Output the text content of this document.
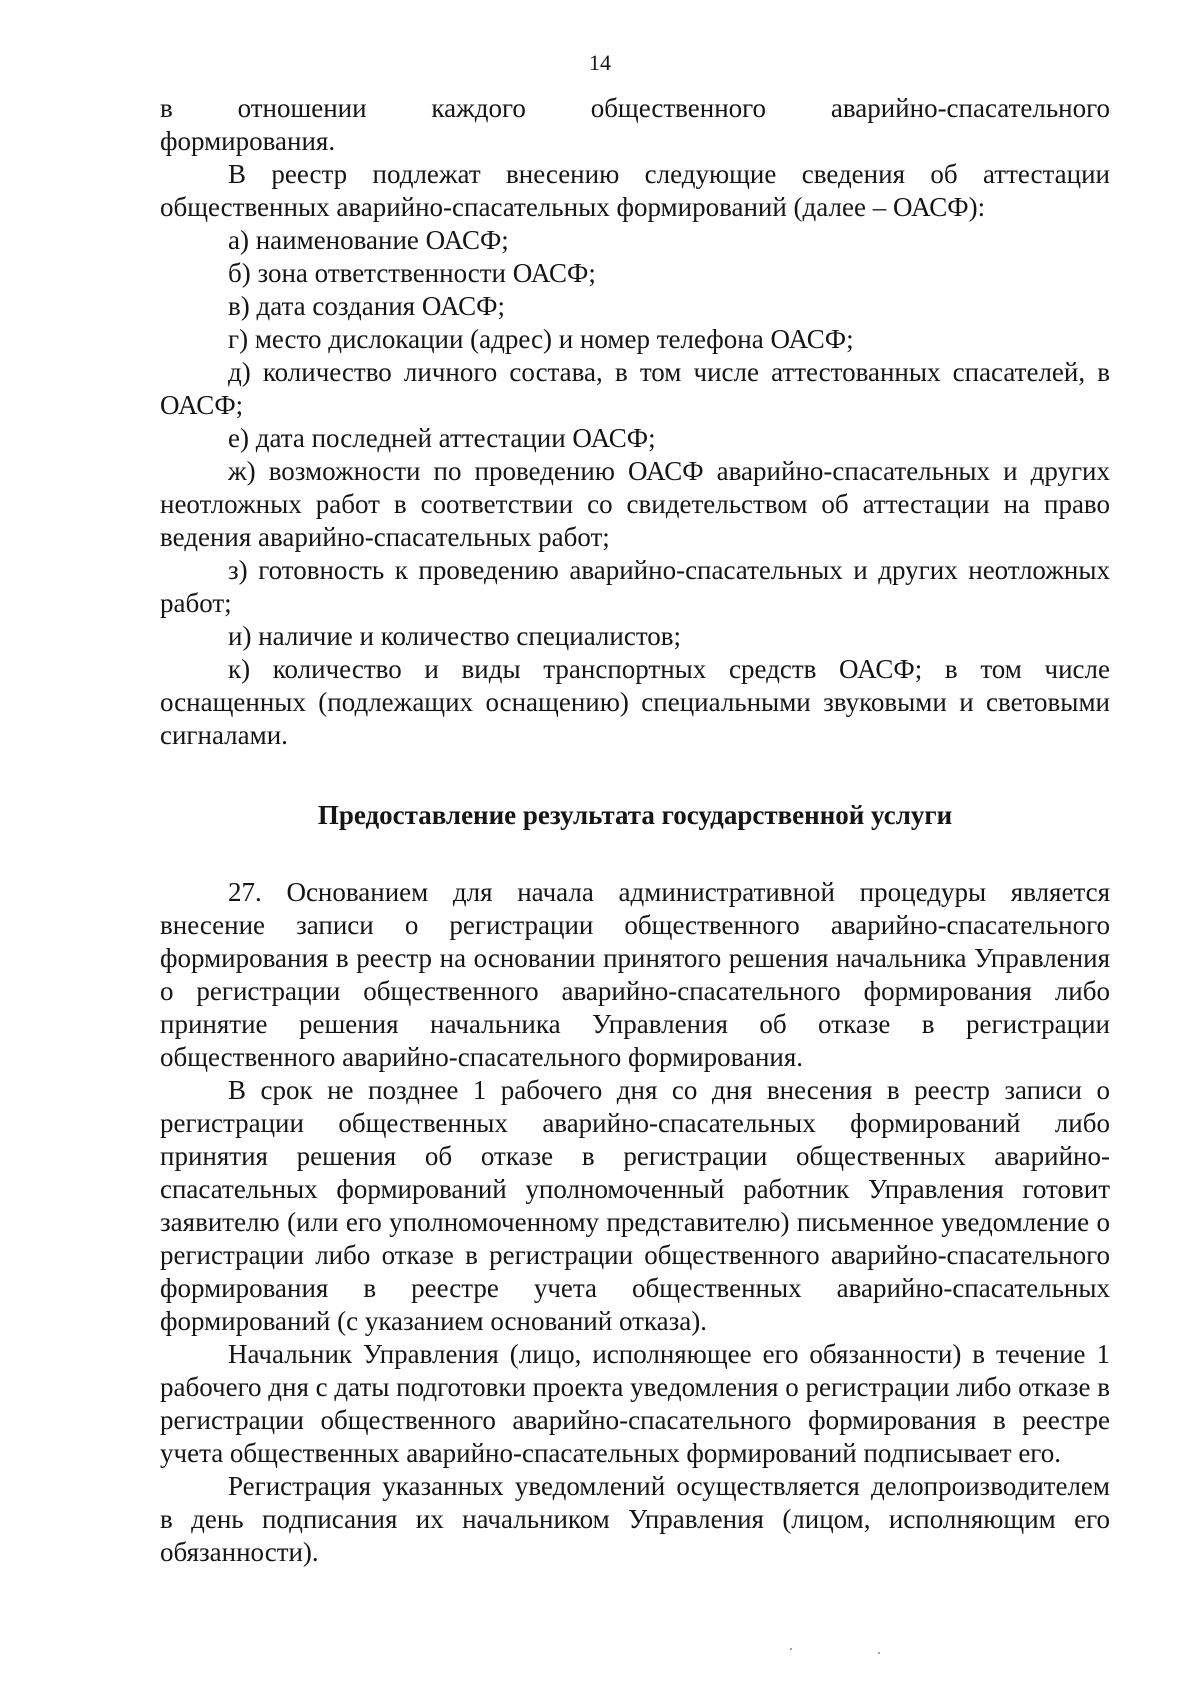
14

в отношении каждого общественного аварийно-спасательного

формирования.

В реестр подлежат внесению следующие сведения об аттестации общественных аварийно-спасательных формирований (далее – ОАСФ):

а) наименование ОАСФ;

б) зона ответственности ОАСФ;

в) дата создания ОАСФ;

г) место дислокации (адрес) и номер телефона ОАСФ;

д) количество личного состава, в том числе аттестованных спасателей, в ОАСФ;

е) дата последней аттестации ОАСФ;

ж) возможности по проведению ОАСФ аварийно-спасательных и других неотложных работ в соответствии со свидетельством об аттестации на право ведения аварийно-спасательных работ;

з) готовность к проведению аварийно-спасательных и других неотложных работ;

и) наличие и количество специалистов;

к) количество и виды транспортных средств ОАСФ; в том числе оснащенных (подлежащих оснащению) специальными звуковыми и световыми сигналами.

Предоставление результата государственной услуги

27. Основанием для начала административной процедуры является внесение записи о регистрации общественного аварийно-спасательного формирования в реестр на основании принятого решения начальника Управления о регистрации общественного аварийно-спасательного формирования либо принятие решения начальника Управления об отказе в регистрации общественного аварийно-спасательного формирования.

В срок не позднее 1 рабочего дня со дня внесения в реестр записи о регистрации общественных аварийно-спасательных формирований либо принятия решения об отказе в регистрации общественных аварийно-спасательных формирований уполномоченный работник Управления готовит заявителю (или его уполномоченному представителю) письменное уведомление о регистрации либо отказе в регистрации общественного аварийно-спасательного формирования в реестре учета общественных аварийно-спасательных формирований (с указанием оснований отказа).

Начальник Управления (лицо, исполняющее его обязанности) в течение 1 рабочего дня с даты подготовки проекта уведомления о регистрации либо отказе в регистрации общественного аварийно-спасательного формирования в реестре учета общественных аварийно-спасательных формирований подписывает его.

Регистрация указанных уведомлений осуществляется делопроизводителем в день подписания их начальником Управления (лицом, исполняющим его обязанности).
